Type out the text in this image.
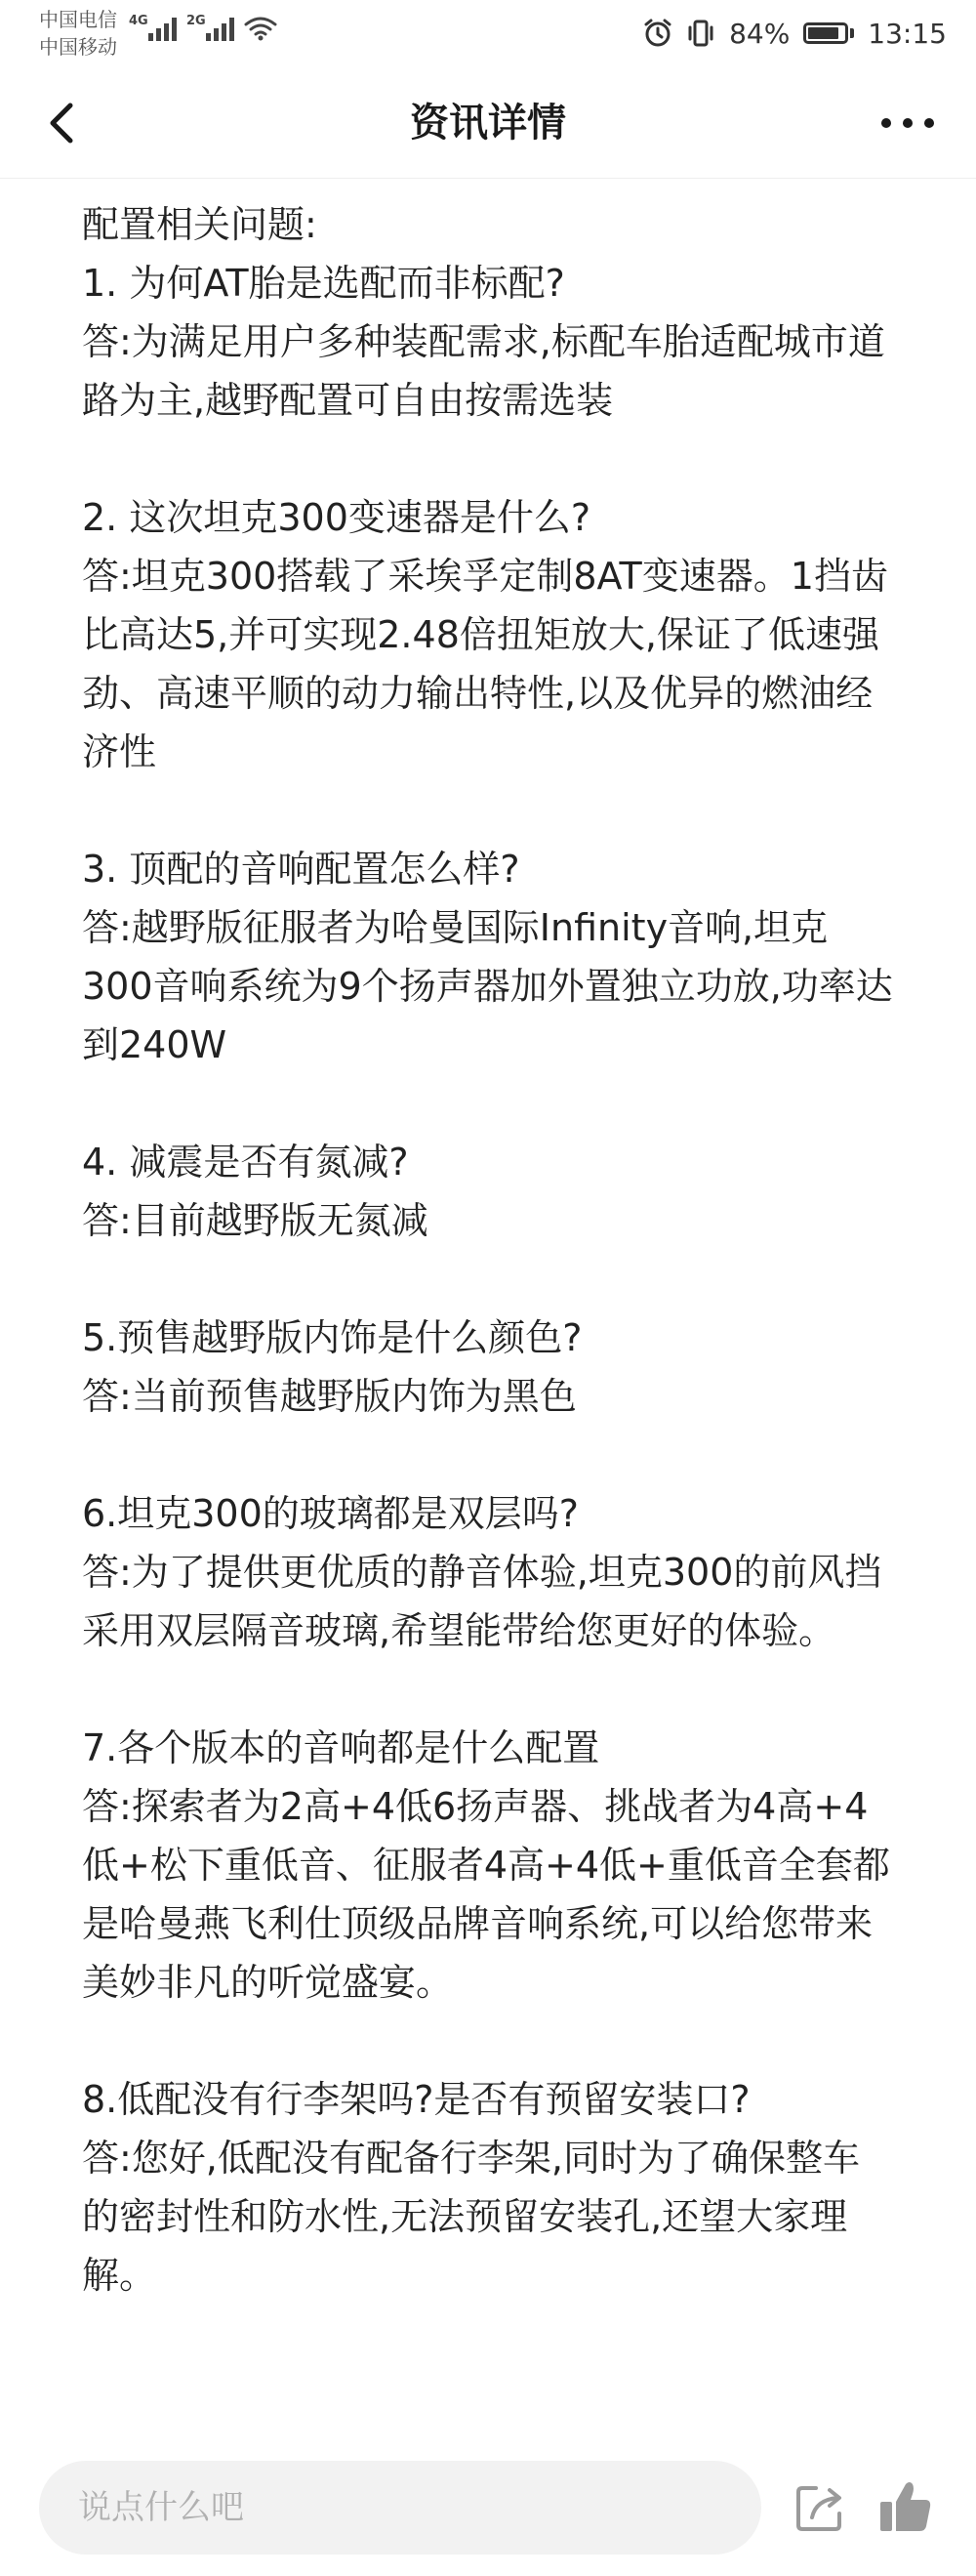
中国电信
中国移动
4G	2G	84%	13:15
资讯详情

配置相关问题:

1. 为何AT胎是选配而非标配?

答:为满足用户多种装配需求,标配车胎适配城市道路为主,越野配置可自由按需选装

2. 这次坦克300变速器是什么?

答:坦克300搭载了采埃孚定制8AT变速器。1挡齿比高达5,并可实现2.48倍扭矩放大,保证了低速强劲、高速平顺的动力输出特性,以及优异的燃油经济性

3. 顶配的音响配置怎么样?

答:越野版征服者为哈曼国际Infinity音响,坦克300音响系统为9个扬声器加外置独立功放,功率达到240W

4. 减震是否有氮减?

答:目前越野版无氮减

5.预售越野版内饰是什么颜色?

答:当前预售越野版内饰为黑色

6.坦克300的玻璃都是双层吗?

答:为了提供更优质的静音体验,坦克300的前风挡采用双层隔音玻璃,希望能带给您更好的体验。

7.各个版本的音响都是什么配置

答:探索者为2高+4低6扬声器、挑战者为4高+4低+松下重低音、征服者4高+4低+重低音全套都是哈曼燕飞利仕顶级品牌音响系统,可以给您带来美妙非凡的听觉盛宴。

8.低配没有行李架吗?是否有预留安装口?

答:您好,低配没有配备行李架,同时为了确保整车的密封性和防水性,无法预留安装孔,还望大家理解。

说点什么吧
